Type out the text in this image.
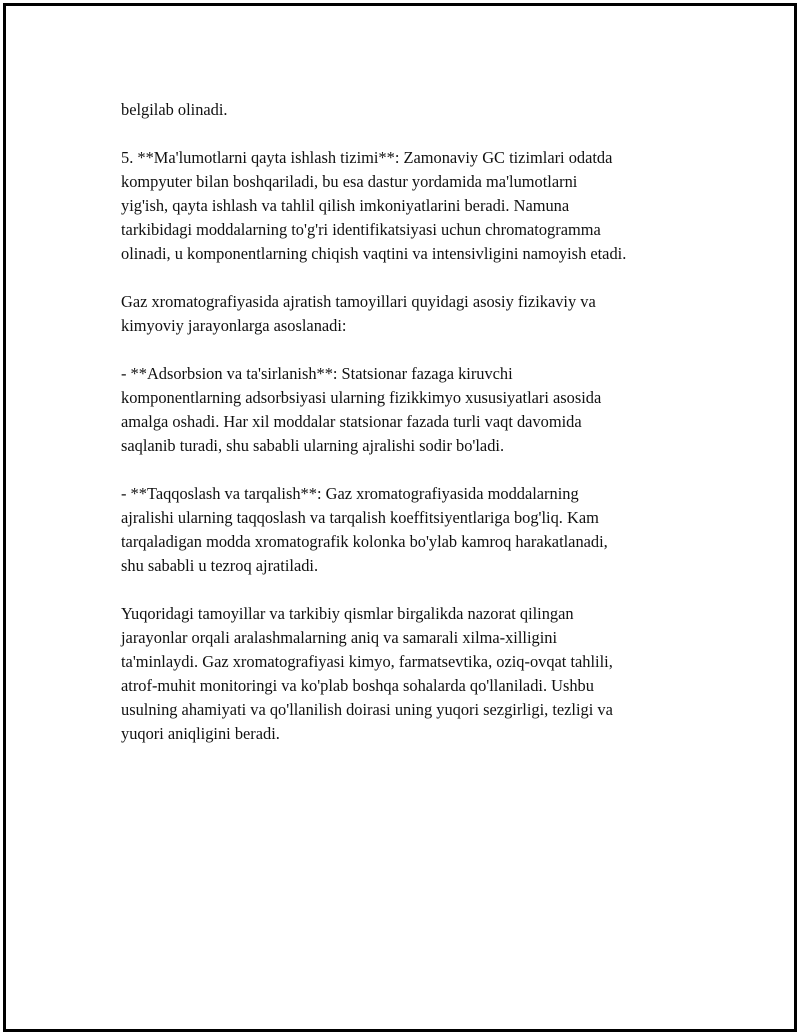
belgilab olinadi.

5. **Ma'lumotlarni qayta ishlash tizimi**: Zamonaviy GC tizimlari odatda
kompyuter bilan boshqariladi, bu esa dastur yordamida ma'lumotlarni
yig'ish, qayta ishlash va tahlil qilish imkoniyatlarini beradi. Namuna
tarkibidagi moddalarning to'g'ri identifikatsiyasi uchun chromatogramma
olinadi, u komponentlarning chiqish vaqtini va intensivligini namoyish etadi.

Gaz xromatografiyasida ajratish tamoyillari quyidagi asosiy fizikaviy va
kimyoviy jarayonlarga asoslanadi:

- **Adsorbsion va ta'sirlanish**: Statsionar fazaga kiruvchi
komponentlarning adsorbsiyasi ularning fizikkimyo xususiyatlari asosida
amalga oshadi. Har xil moddalar statsionar fazada turli vaqt davomida
saqlanib turadi, shu sababli ularning ajralishi sodir bo'ladi.

- **Taqqoslash va tarqalish**: Gaz xromatografiyasida moddalarning
ajralishi ularning taqqoslash va tarqalish koeffitsiyentlariga bog'liq. Kam
tarqaladigan modda xromatografik kolonka bo'ylab kamroq harakatlanadi,
shu sababli u tezroq ajratiladi.

Yuqoridagi tamoyillar va tarkibiy qismlar birgalikda nazorat qilingan
jarayonlar orqali aralashmalarning aniq va samarali xilma-xilligini
ta'minlaydi. Gaz xromatografiyasi kimyo, farmatsevtika, oziq-ovqat tahlili,
atrof-muhit monitoringi va ko'plab boshqa sohalarda qo'llaniladi. Ushbu
usulning ahamiyati va qo'llanilish doirasi uning yuqori sezgirligi, tezligi va
yuqori aniqligini beradi.
